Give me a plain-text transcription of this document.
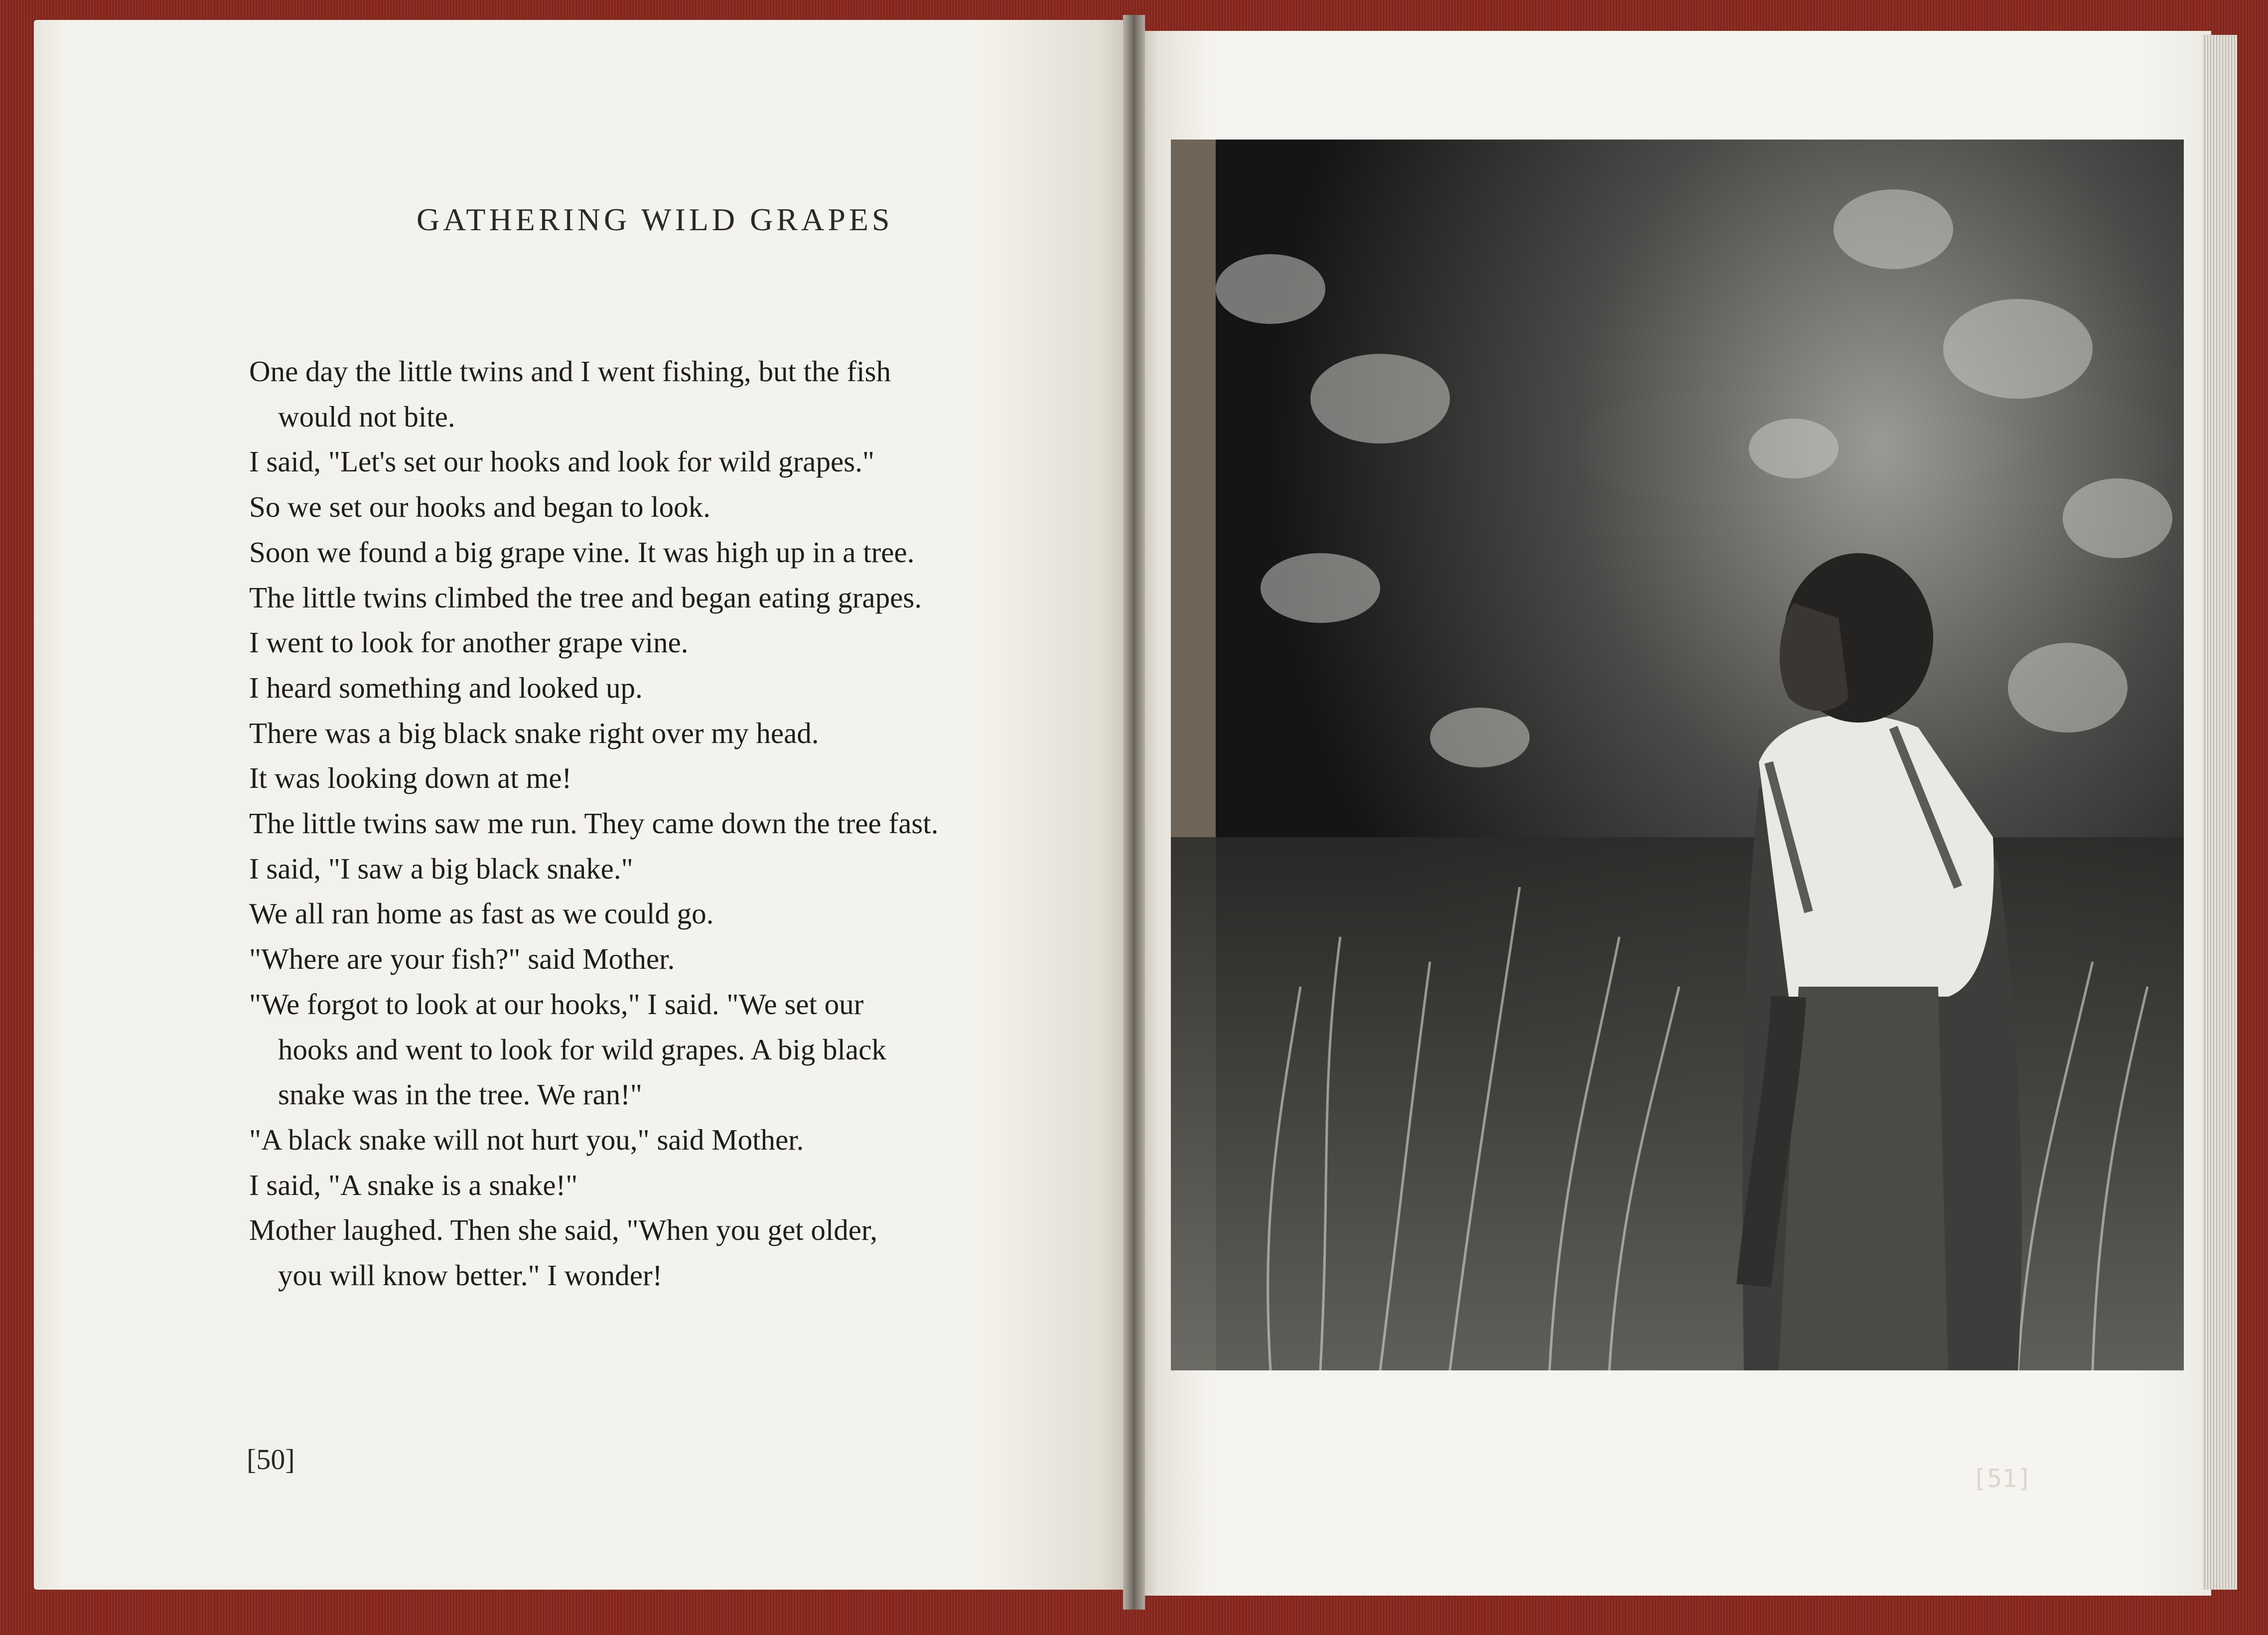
GATHERING WILD GRAPES
One day the little twins and I went fishing, but the fish
would not bite.
I said, "Let's set our hooks and look for wild grapes."
So we set our hooks and began to look.
Soon we found a big grape vine. It was high up in a tree.
The little twins climbed the tree and began eating grapes.
I went to look for another grape vine.
I heard something and looked up.
There was a big black snake right over my head.
It was looking down at me!
The little twins saw me run. They came down the tree fast.
I said, "I saw a big black snake."
We all ran home as fast as we could go.
"Where are your fish?" said Mother.
"We forgot to look at our hooks," I said. "We set our
hooks and went to look for wild grapes. A big black
snake was in the tree. We ran!"
"A black snake will not hurt you," said Mother.
I said, "A snake is a snake!"
Mother laughed. Then she said, "When you get older,
you will know better." I wonder!
[50]
[51]
